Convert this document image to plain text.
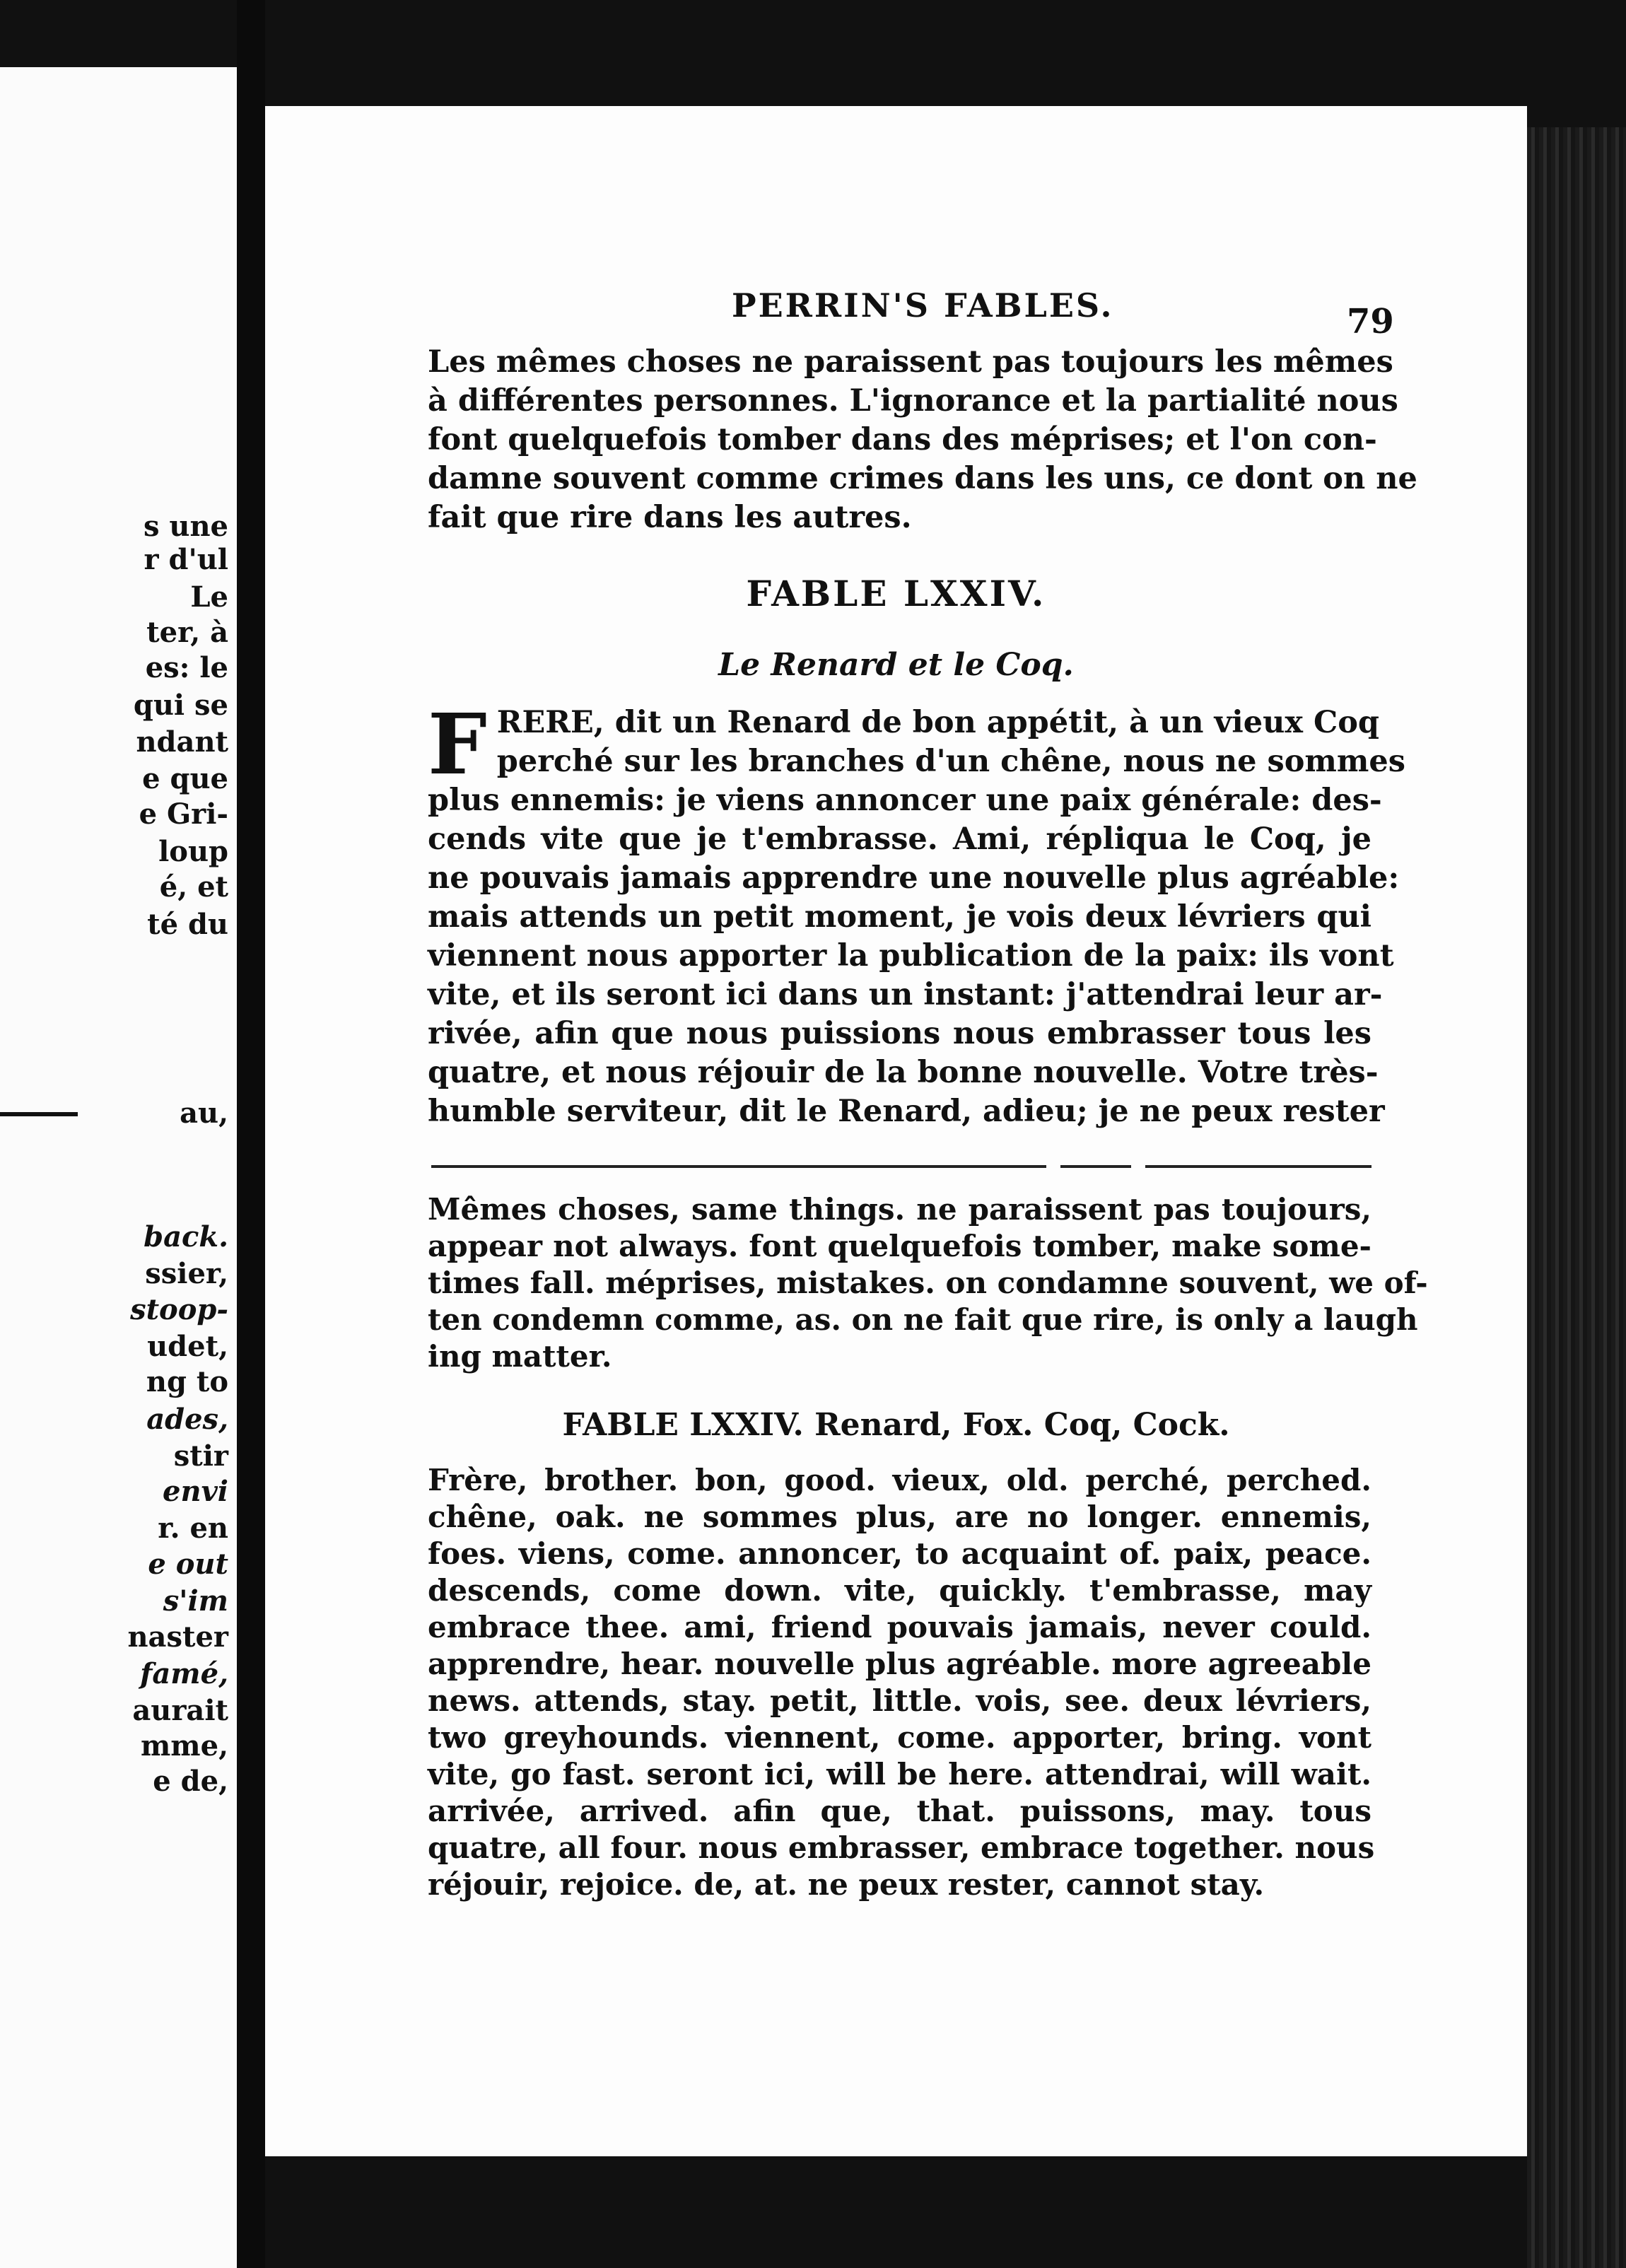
s une
r d'ul
Le
ter, à
es: le
qui se
ndant
e que
e Gri-
loup
é, et
té du
au,
back.
ssier,
stoop-
udet,
ng to
ades,
stir
envi
r. en
e out
s'im
naster
famé,
aurait
mme,
e de,
PERRIN'S FABLES.	79
Les mêmes choses ne paraissent pas toujours les mêmes
à différentes personnes. L'ignorance et la partialité nous
font quelquefois tomber dans des méprises; et l'on con-
damne souvent comme crimes dans les uns, ce dont on ne
fait que rire dans les autres.
FABLE LXXIV.
Le Renard et le Coq.
F RERE, dit un Renard de bon appétit, à un vieux Coq
perché sur les branches d'un chêne, nous ne sommes
plus ennemis: je viens annoncer une paix générale: des-
cends vite que je t'embrasse. Ami, répliqua le Coq, je
ne pouvais jamais apprendre une nouvelle plus agréable:
mais attends un petit moment, je vois deux lévriers qui
viennent nous apporter la publication de la paix: ils vont
vite, et ils seront ici dans un instant: j'attendrai leur ar-
rivée, afin que nous puissions nous embrasser tous les
quatre, et nous réjouir de la bonne nouvelle. Votre très-
humble serviteur, dit le Renard, adieu; je ne peux rester
Mêmes choses, same things. ne paraissent pas toujours,
appear not always. font quelquefois tomber, make some-
times fall. méprises, mistakes. on condamne souvent, we of-
ten condemn comme, as. on ne fait que rire, is only a laugh
ing matter.
FABLE LXXIV. Renard, Fox. Coq, Cock.
Frère, brother. bon, good. vieux, old. perché, perched.
chêne, oak. ne sommes plus, are no longer. ennemis,
foes. viens, come. annoncer, to acquaint of. paix, peace.
descends, come down. vite, quickly. t'embrasse, may
embrace thee. ami, friend pouvais jamais, never could.
apprendre, hear. nouvelle plus agréable. more agreeable
news. attends, stay. petit, little. vois, see. deux lévriers,
two greyhounds. viennent, come. apporter, bring. vont
vite, go fast. seront ici, will be here. attendrai, will wait.
arrivée, arrived. afin que, that. puissons, may. tous
quatre, all four. nous embrasser, embrace together. nous
réjouir, rejoice. de, at. ne peux rester, cannot stay.
